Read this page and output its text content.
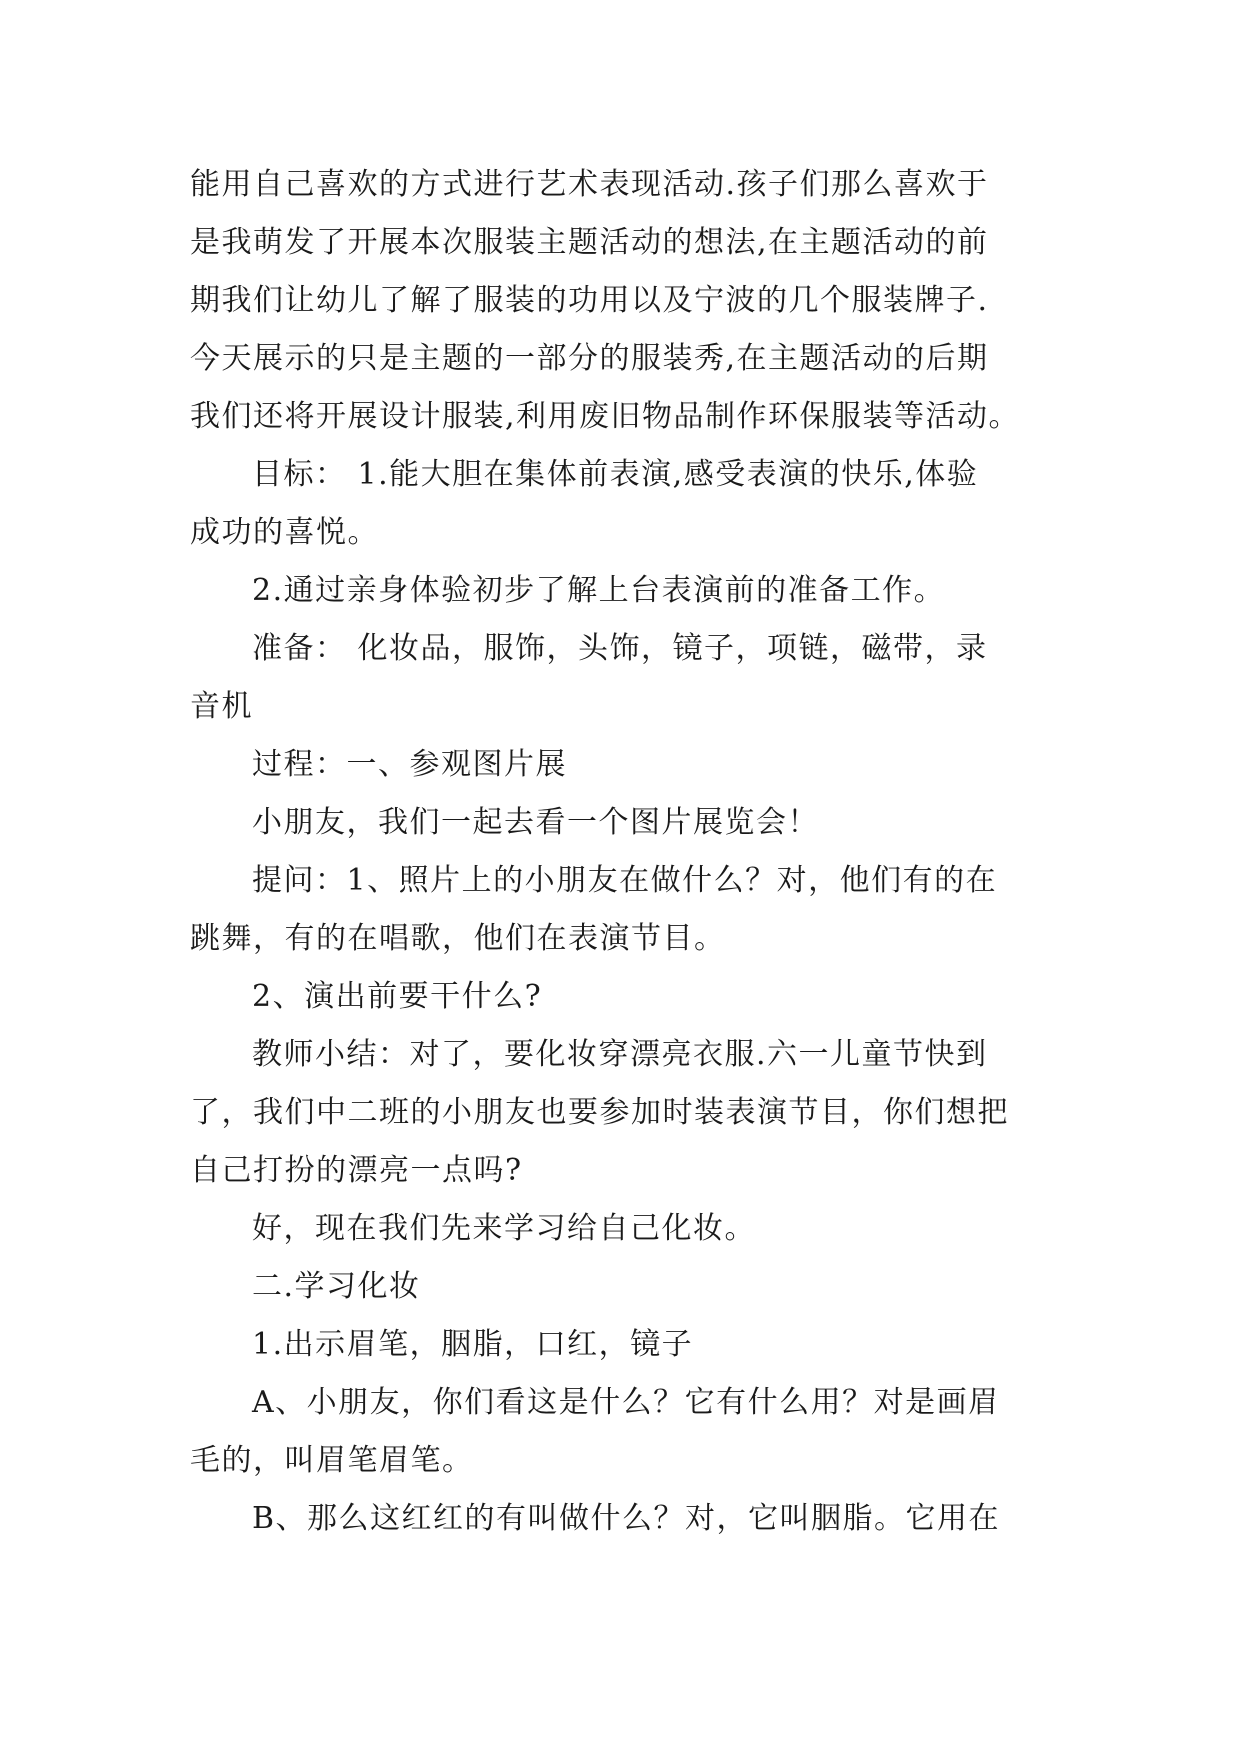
能用自己喜欢的方式进行艺术表现活动.孩子们那么喜欢于
是我萌发了开展本次服装主题活动的想法,在主题活动的前
期我们让幼儿了解了服装的功用以及宁波的几个服装牌子.
今天展示的只是主题的一部分的服装秀,在主题活动的后期
我们还将开展设计服装,利用废旧物品制作环保服装等活动。
目标： 1.能大胆在集体前表演,感受表演的快乐,体验
成功的喜悦。
2.通过亲身体验初步了解上台表演前的准备工作。
准备： 化妆品，服饰，头饰，镜子，项链，磁带，录
音机
过程：一、参观图片展
小朋友，我们一起去看一个图片展览会！
提问：1、照片上的小朋友在做什么？对，他们有的在
跳舞，有的在唱歌，他们在表演节目。
2、演出前要干什么?
教师小结：对了，要化妆穿漂亮衣服.六一儿童节快到
了，我们中二班的小朋友也要参加时装表演节目，你们想把
自己打扮的漂亮一点吗?
好，现在我们先来学习给自己化妆。
二.学习化妆
1.出示眉笔，胭脂，口红，镜子
A、小朋友，你们看这是什么？它有什么用？对是画眉
毛的，叫眉笔眉笔。
B、那么这红红的有叫做什么？对，它叫胭脂。它用在
